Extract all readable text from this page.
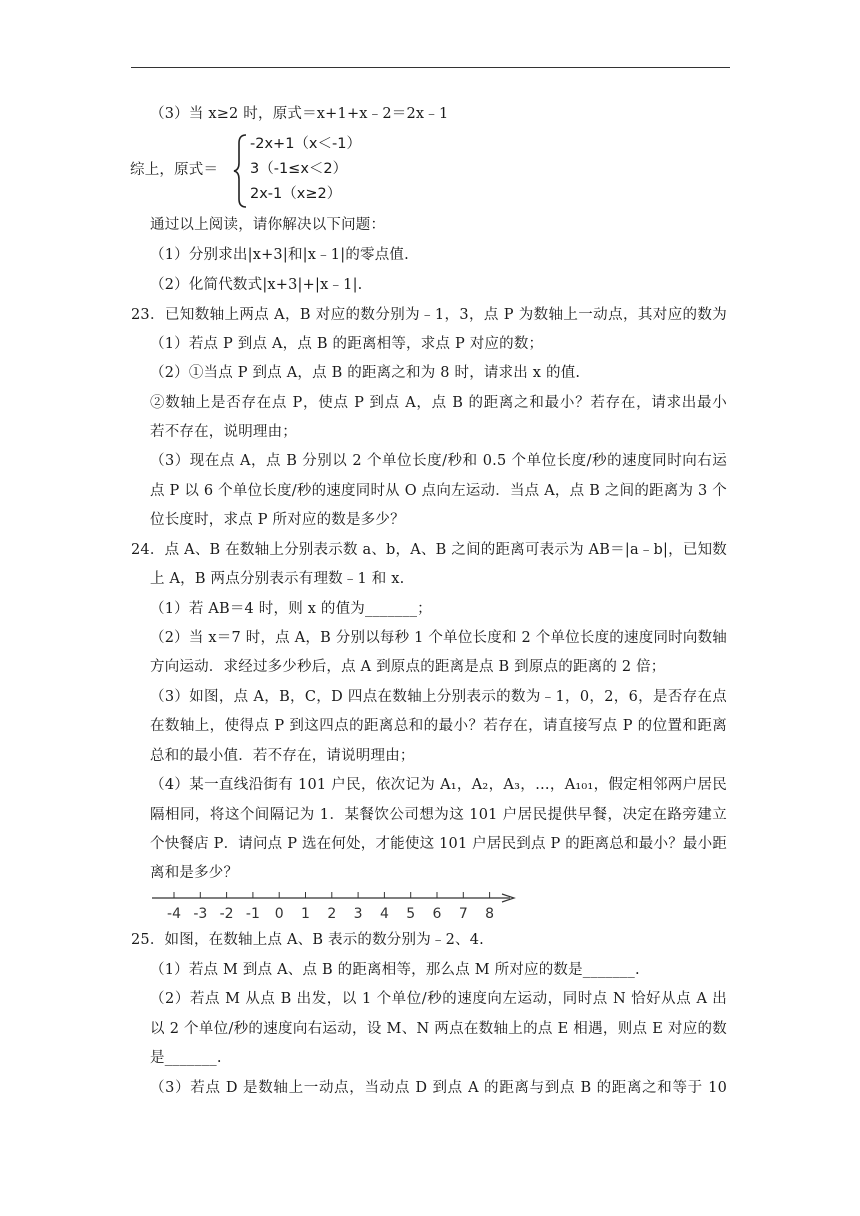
（3）当 x≥2 时，原式＝x+1+x﹣2＝2x﹣1
综上，原式＝
-2x+1（x＜-1）
3（-1≤x＜2）
2x-1（x≥2）
通过以上阅读，请你解决以下问题：
（1）分别求出|x+3|和|x﹣1|的零点值.
（2）化简代数式|x+3|+|x﹣1|.
23．已知数轴上两点 A，B 对应的数分别为﹣1，3，点 P 为数轴上一动点，其对应的数为
（1）若点 P 到点 A，点 B 的距离相等，求点 P 对应的数；
（2）①当点 P 到点 A，点 B 的距离之和为 8 时，请求出 x 的值.
②数轴上是否存在点 P，使点 P 到点 A，点 B 的距离之和最小？若存在，请求出最小
若不存在，说明理由；
（3）现在点 A，点 B 分别以 2 个单位长度/秒和 0.5 个单位长度/秒的速度同时向右运
点 P 以 6 个单位长度/秒的速度同时从 O 点向左运动．当点 A，点 B 之间的距离为 3 个
位长度时，求点 P 所对应的数是多少？
24．点 A、B 在数轴上分别表示数 a、b，A、B 之间的距离可表示为 AB＝|a﹣b|，已知数
上 A，B 两点分别表示有理数﹣1 和 x.
（1）若 AB＝4 时，则 x 的值为_______；
（2）当 x＝7 时，点 A，B 分别以每秒 1 个单位长度和 2 个单位长度的速度同时向数轴
方向运动．求经过多少秒后，点 A 到原点的距离是点 B 到原点的距离的 2 倍；
（3）如图，点 A，B，C，D 四点在数轴上分别表示的数为﹣1，0，2，6，是否存在点
在数轴上，使得点 P 到这四点的距离总和的最小？若存在，请直接写点 P 的位置和距离
总和的最小值．若不存在，请说明理由；
（4）某一直线沿街有 101 户民，依次记为 A₁，A₂，A₃，…，A₁₀₁，假定相邻两户居民
隔相同，将这个间隔记为 1．某餐饮公司想为这 101 户居民提供早餐，决定在路旁建立
个快餐店 P．请问点 P 选在何处，才能使这 101 户居民到点 P 的距离总和最小？最小距
离和是多少？
-4 -3 -2 -1 0 1 2 3 4 5 6 7 8
25．如图，在数轴上点 A、B 表示的数分别为﹣2、4.
（1）若点 M 到点 A、点 B 的距离相等，那么点 M 所对应的数是_______.
（2）若点 M 从点 B 出发，以 1 个单位/秒的速度向左运动，同时点 N 恰好从点 A 出
以 2 个单位/秒的速度向右运动，设 M、N 两点在数轴上的点 E 相遇，则点 E 对应的数
是_______.
（3）若点 D 是数轴上一动点，当动点 D 到点 A 的距离与到点 B 的距离之和等于 10
